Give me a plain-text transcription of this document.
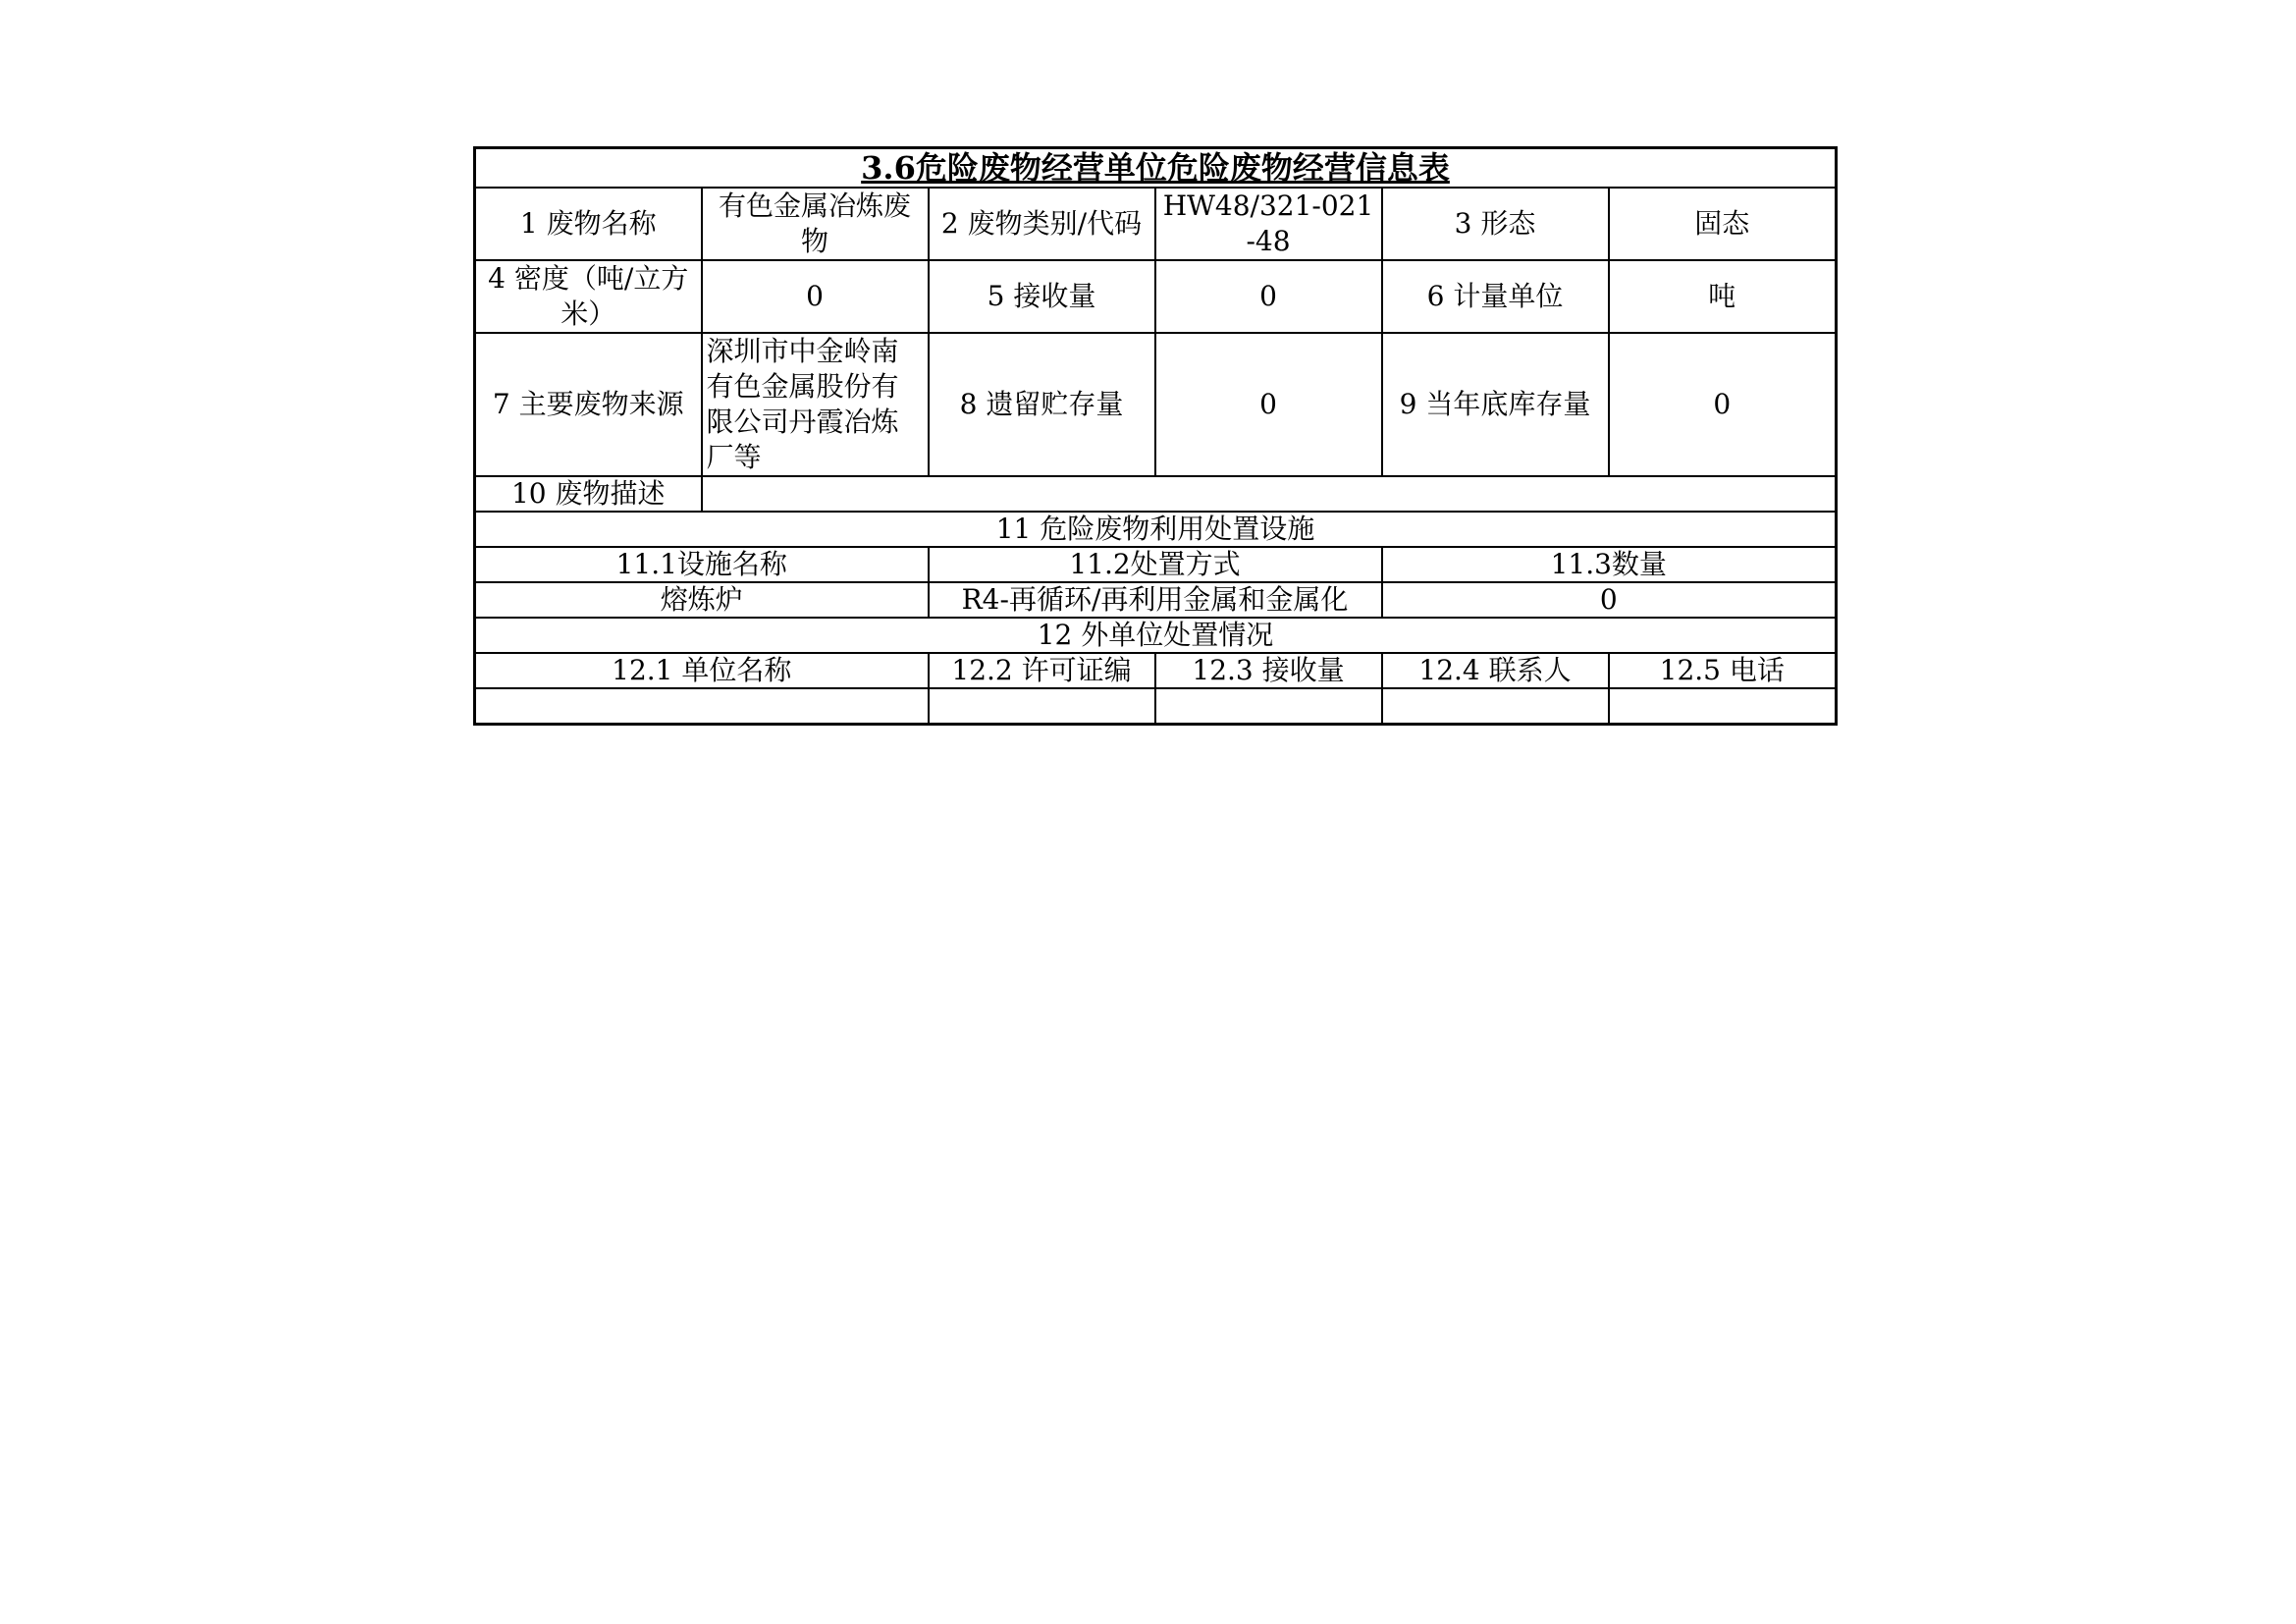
3.6危险废物经营单位危险废物经营信息表					
1 废物名称	有色金属冶炼废物	2 废物类别/代码	HW48/321-021-48	3 形态	固态
4 密度（吨/立方米）	0	5 接收量	0	6 计量单位	吨
7 主要废物来源	深圳市中金岭南有色金属股份有限公司丹霞冶炼厂等	8 遗留贮存量	0	9 当年底库存量	0
10 废物描述					
11 危险废物利用处置设施					
11.1设施名称		11.2处置方式		11.3数量	
熔炼炉		R4-再循环/再利用金属和金属化		0	
12 外单位处置情况					
12.1 单位名称		12.2 许可证编	12.3 接收量	12.4 联系人	12.5 电话
